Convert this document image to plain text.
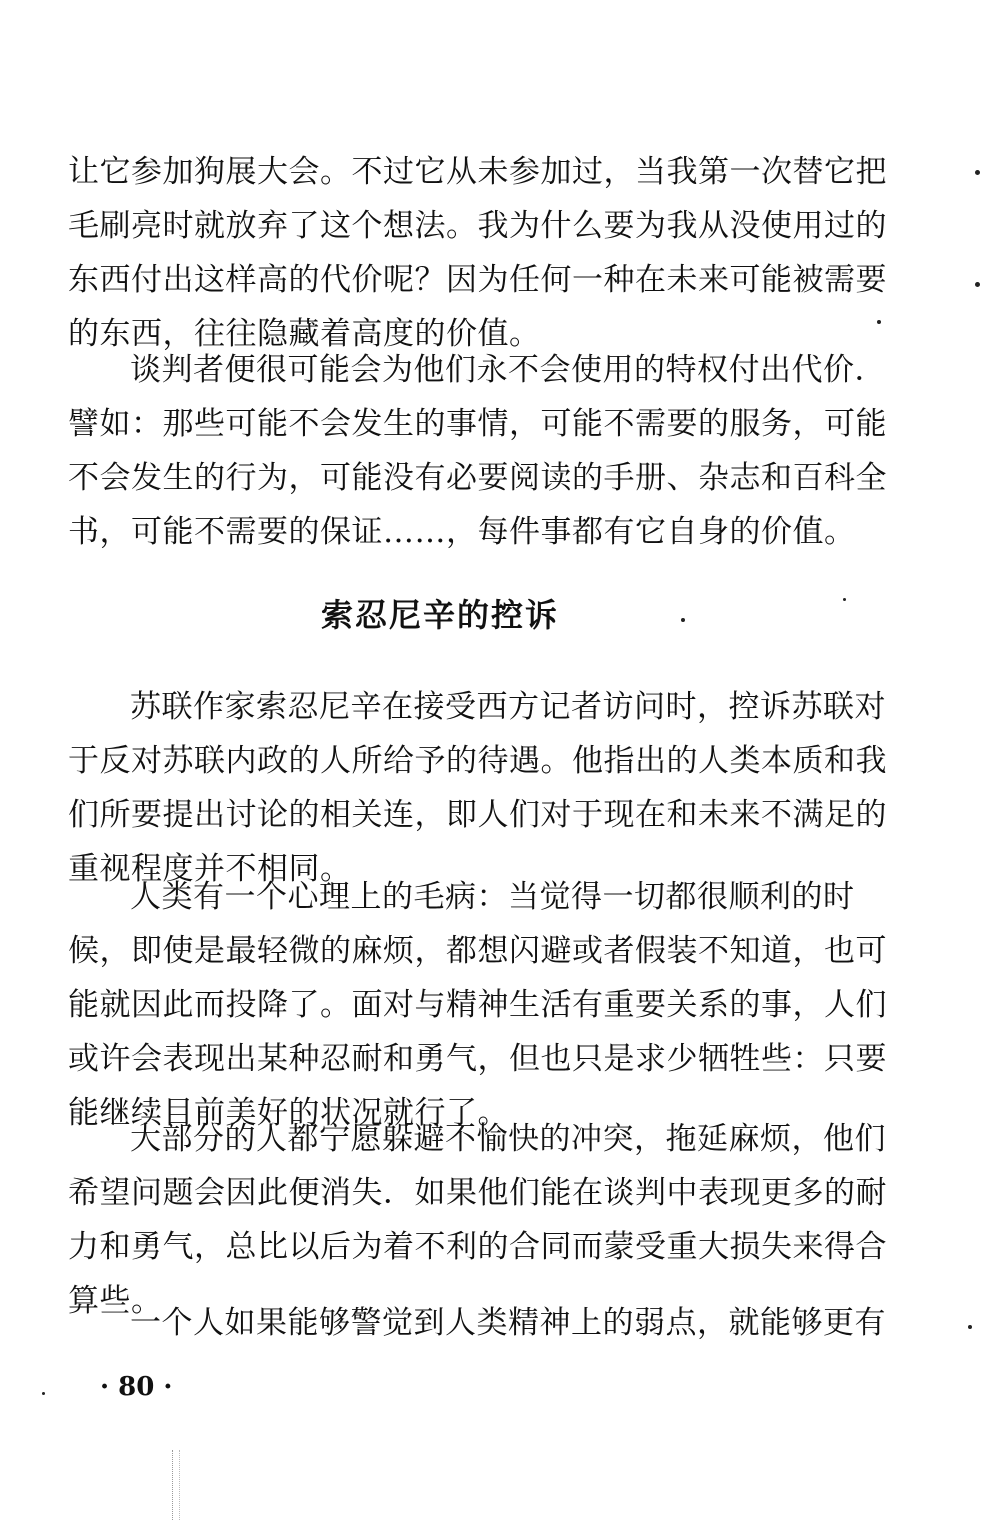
让它参加狗展大会。不过它从未参加过，当我第一次替它把
毛刷亮时就放弃了这个想法。我为什么要为我从没使用过的
东西付出这样高的代价呢？因为任何一种在未来可能被需要
的东西，往往隐藏着高度的价值。
谈判者便很可能会为他们永不会使用的特权付出代价．
譬如：那些可能不会发生的事情，可能不需要的服务，可能
不会发生的行为，可能没有必要阅读的手册、杂志和百科全
书，可能不需要的保证……，每件事都有它自身的价值。
索忍尼辛的控诉
苏联作家索忍尼辛在接受西方记者访问时，控诉苏联对
于反对苏联内政的人所给予的待遇。他指出的人类本质和我
们所要提出讨论的相关连，即人们对于现在和未来不满足的
重视程度并不相同。
人类有一个心理上的毛病：当觉得一切都很顺利的时
候，即使是最轻微的麻烦，都想闪避或者假装不知道，也可
能就因此而投降了。面对与精神生活有重要关系的事，人们
或许会表现出某种忍耐和勇气，但也只是求少牺牲些：只要
能继续目前美好的状况就行了。
大部分的人都宁愿躲避不愉快的冲突，拖延麻烦，他们
希望问题会因此便消失．如果他们能在谈判中表现更多的耐
力和勇气，总比以后为着不利的合同而蒙受重大损失来得合
算些。
一个人如果能够警觉到人类精神上的弱点，就能够更有
· 80 ·
